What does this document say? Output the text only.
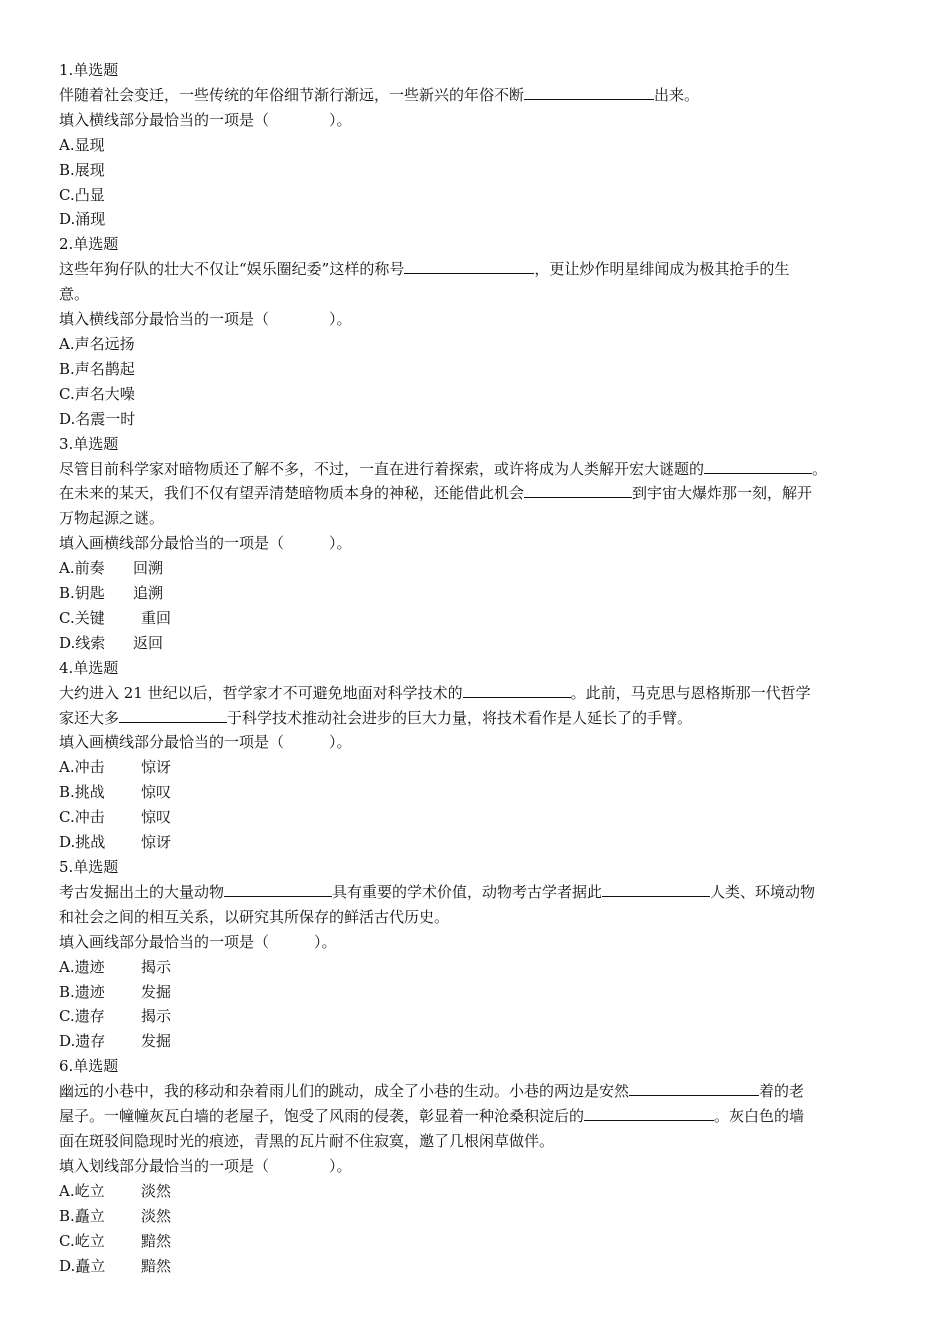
1.单选题
伴随着社会变迁，一些传统的年俗细节渐行渐远，一些新兴的年俗不断	出来。
填入横线部分最恰当的一项是（　　　　）。
A.显现
B.展现
C.凸显
D.涌现
2.单选题
这些年狗仔队的壮大不仅让“娱乐圈纪委”这样的称号	，更让炒作明星绯闻成为极其抢手的生
意。
填入横线部分最恰当的一项是（　　　　）。
A.声名远扬
B.声名鹊起
C.声名大噪
D.名震一时
3.单选题
尽管目前科学家对暗物质还了解不多，不过，一直在进行着探索，或许将成为人类解开宏大谜题的	。
在未来的某天，我们不仅有望弄清楚暗物质本身的神秘，还能借此机会	到宇宙大爆炸那一刻，解开
万物起源之谜。
填入画横线部分最恰当的一项是（　　　）。
A.前奏 回溯
B.钥匙 追溯
C.关键 重回
D.线索 返回
4.单选题
大约进入 21 世纪以后，哲学家才不可避免地面对科学技术的	。此前，马克思与恩格斯那一代哲学
家还大多	于科学技术推动社会进步的巨大力量，将技术看作是人延长了的手臂。
填入画横线部分最恰当的一项是（　　　）。
A.冲击 惊讶
B.挑战 惊叹
C.冲击 惊叹
D.挑战 惊讶
5.单选题
考古发掘出土的大量动物	具有重要的学术价值，动物考古学者据此	人类、环境动物
和社会之间的相互关系，以研究其所保存的鲜活古代历史。
填入画线部分最恰当的一项是（　　　）。
A.遗迹 揭示
B.遗迹 发掘
C.遗存 揭示
D.遗存 发掘
6.单选题
幽远的小巷中，我的移动和杂着雨儿们的跳动，成全了小巷的生动。小巷的两边是安然	着的老
屋子。一幢幢灰瓦白墙的老屋子，饱受了风雨的侵袭，彰显着一种沧桑积淀后的	。灰白色的墙
面在斑驳间隐现时光的痕迹，青黑的瓦片耐不住寂寞，邀了几根闲草做伴。
填入划线部分最恰当的一项是（　　　　）。
A.屹立 淡然
B.矗立 淡然
C.屹立 黯然
D.矗立 黯然
